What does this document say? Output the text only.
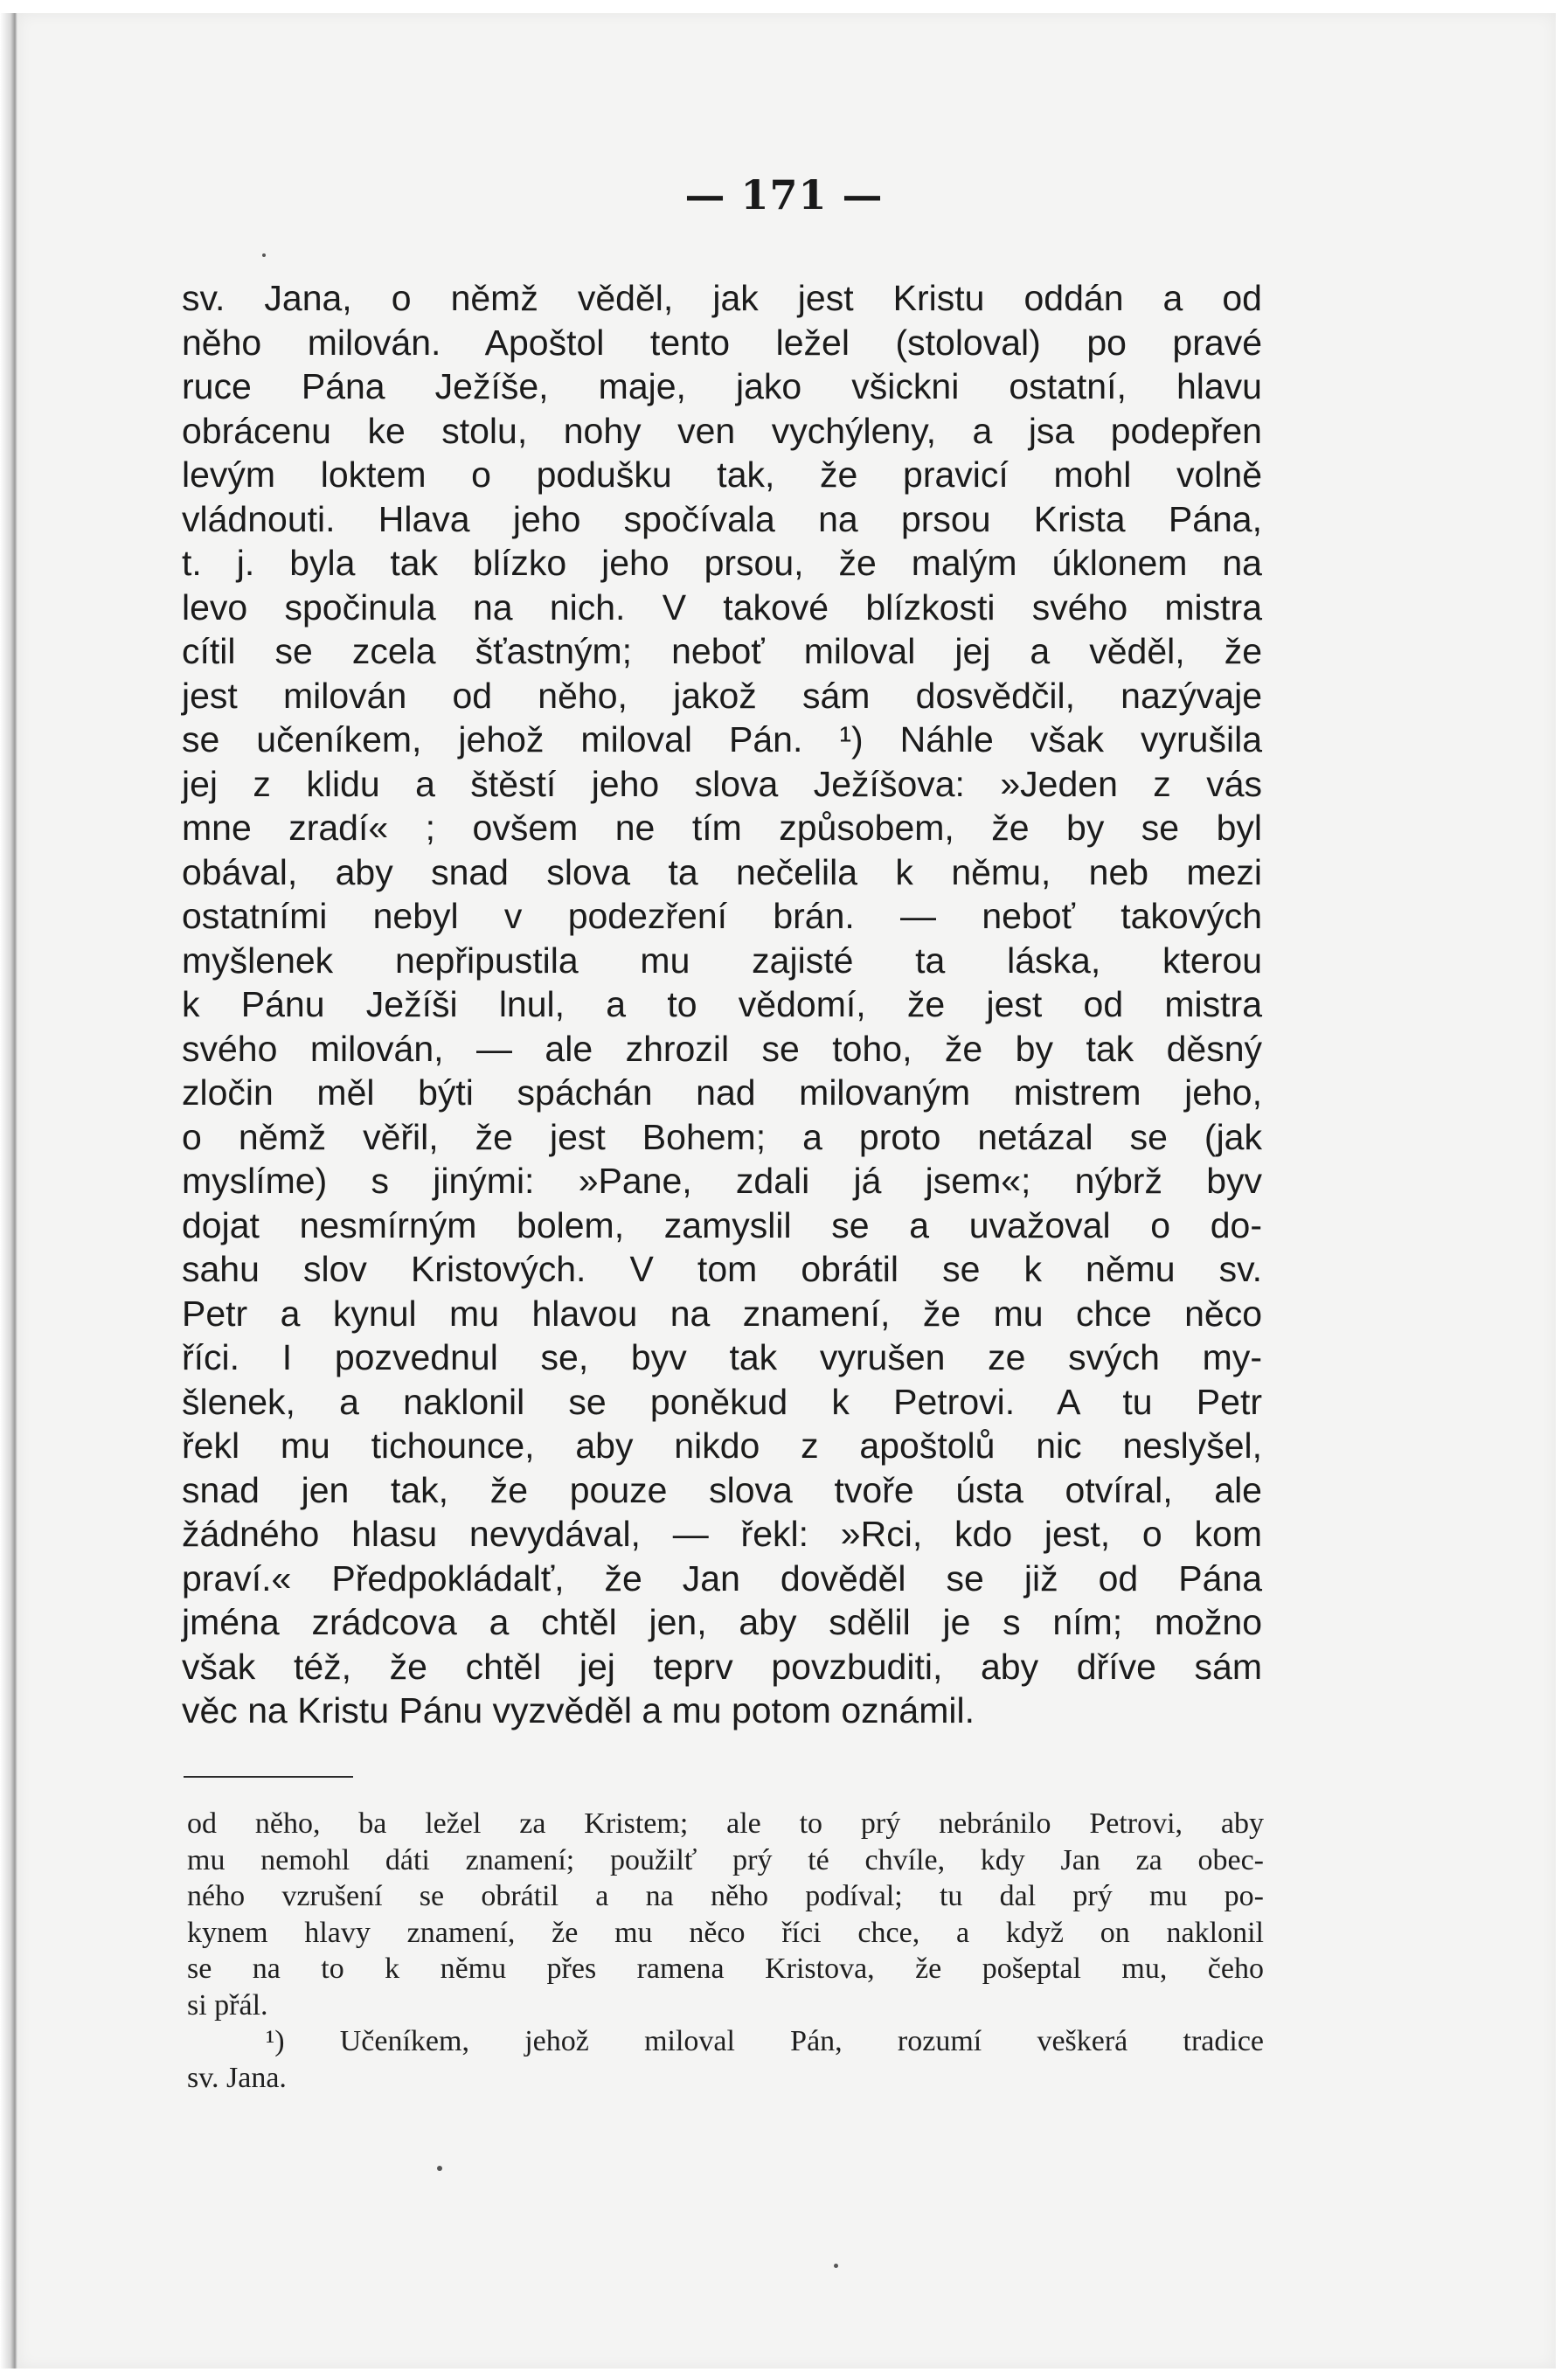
— 171 —
sv. Jana, o němž věděl, jak jest Kristu oddán a od
něho milován. Apoštol tento ležel (stoloval) po pravé
ruce Pána Ježíše, maje, jako všickni ostatní, hlavu
obrácenu ke stolu, nohy ven vychýleny, a jsa podepřen
levým loktem o podušku tak, že pravicí mohl volně
vládnouti. Hlava jeho spočívala na prsou Krista Pána,
t. j. byla tak blízko jeho prsou, že malým úklonem na
levo spočinula na nich. V takové blízkosti svého mistra
cítil se zcela šťastným; neboť miloval jej a věděl, že
jest milován od něho, jakož sám dosvědčil, nazývaje
se učeníkem, jehož miloval Pán. ¹) Náhle však vyrušila
jej z klidu a štěstí jeho slova Ježíšova: »Jeden z vás
mne zradí« ; ovšem ne tím způsobem, že by se byl
obával, aby snad slova ta nečelila k němu, neb mezi
ostatními nebyl v podezření brán. — neboť takových
myšlenek nepřipustila mu zajisté ta láska, kterou
k Pánu Ježíši lnul, a to vědomí, že jest od mistra
svého milován, — ale zhrozil se toho, že by tak děsný
zločin měl býti spáchán nad milovaným mistrem jeho,
o němž věřil, že jest Bohem; a proto netázal se (jak
myslíme) s jinými: »Pane, zdali já jsem«; nýbrž byv
dojat nesmírným bolem, zamyslil se a uvažoval o do-
sahu slov Kristových. V tom obrátil se k němu sv.
Petr a kynul mu hlavou na znamení, že mu chce něco
říci. I pozvednul se, byv tak vyrušen ze svých my-
šlenek, a naklonil se poněkud k Petrovi. A tu Petr
řekl mu tichounce, aby nikdo z apoštolů nic neslyšel,
snad jen tak, že pouze slova tvoře ústa otvíral, ale
žádného hlasu nevydával, — řekl: »Rci, kdo jest, o kom
praví.« Předpokládalť, že Jan dověděl se již od Pána
jména zrádcova a chtěl jen, aby sdělil je s ním; možno
však též, že chtěl jej teprv povzbuditi, aby dříve sám
věc na Kristu Pánu vyzvěděl a mu potom oznámil.
od něho, ba ležel za Kristem; ale to prý nebránilo Petrovi, aby
mu nemohl dáti znamení; použilť prý té chvíle, kdy Jan za obec-
ného vzrušení se obrátil a na něho podíval; tu dal prý mu po-
kynem hlavy znamení, že mu něco říci chce, a když on naklonil
se na to k němu přes ramena Kristova, že pošeptal mu, čeho
si přál.
¹) Učeníkem, jehož miloval Pán, rozumí veškerá tradice
sv. Jana.
